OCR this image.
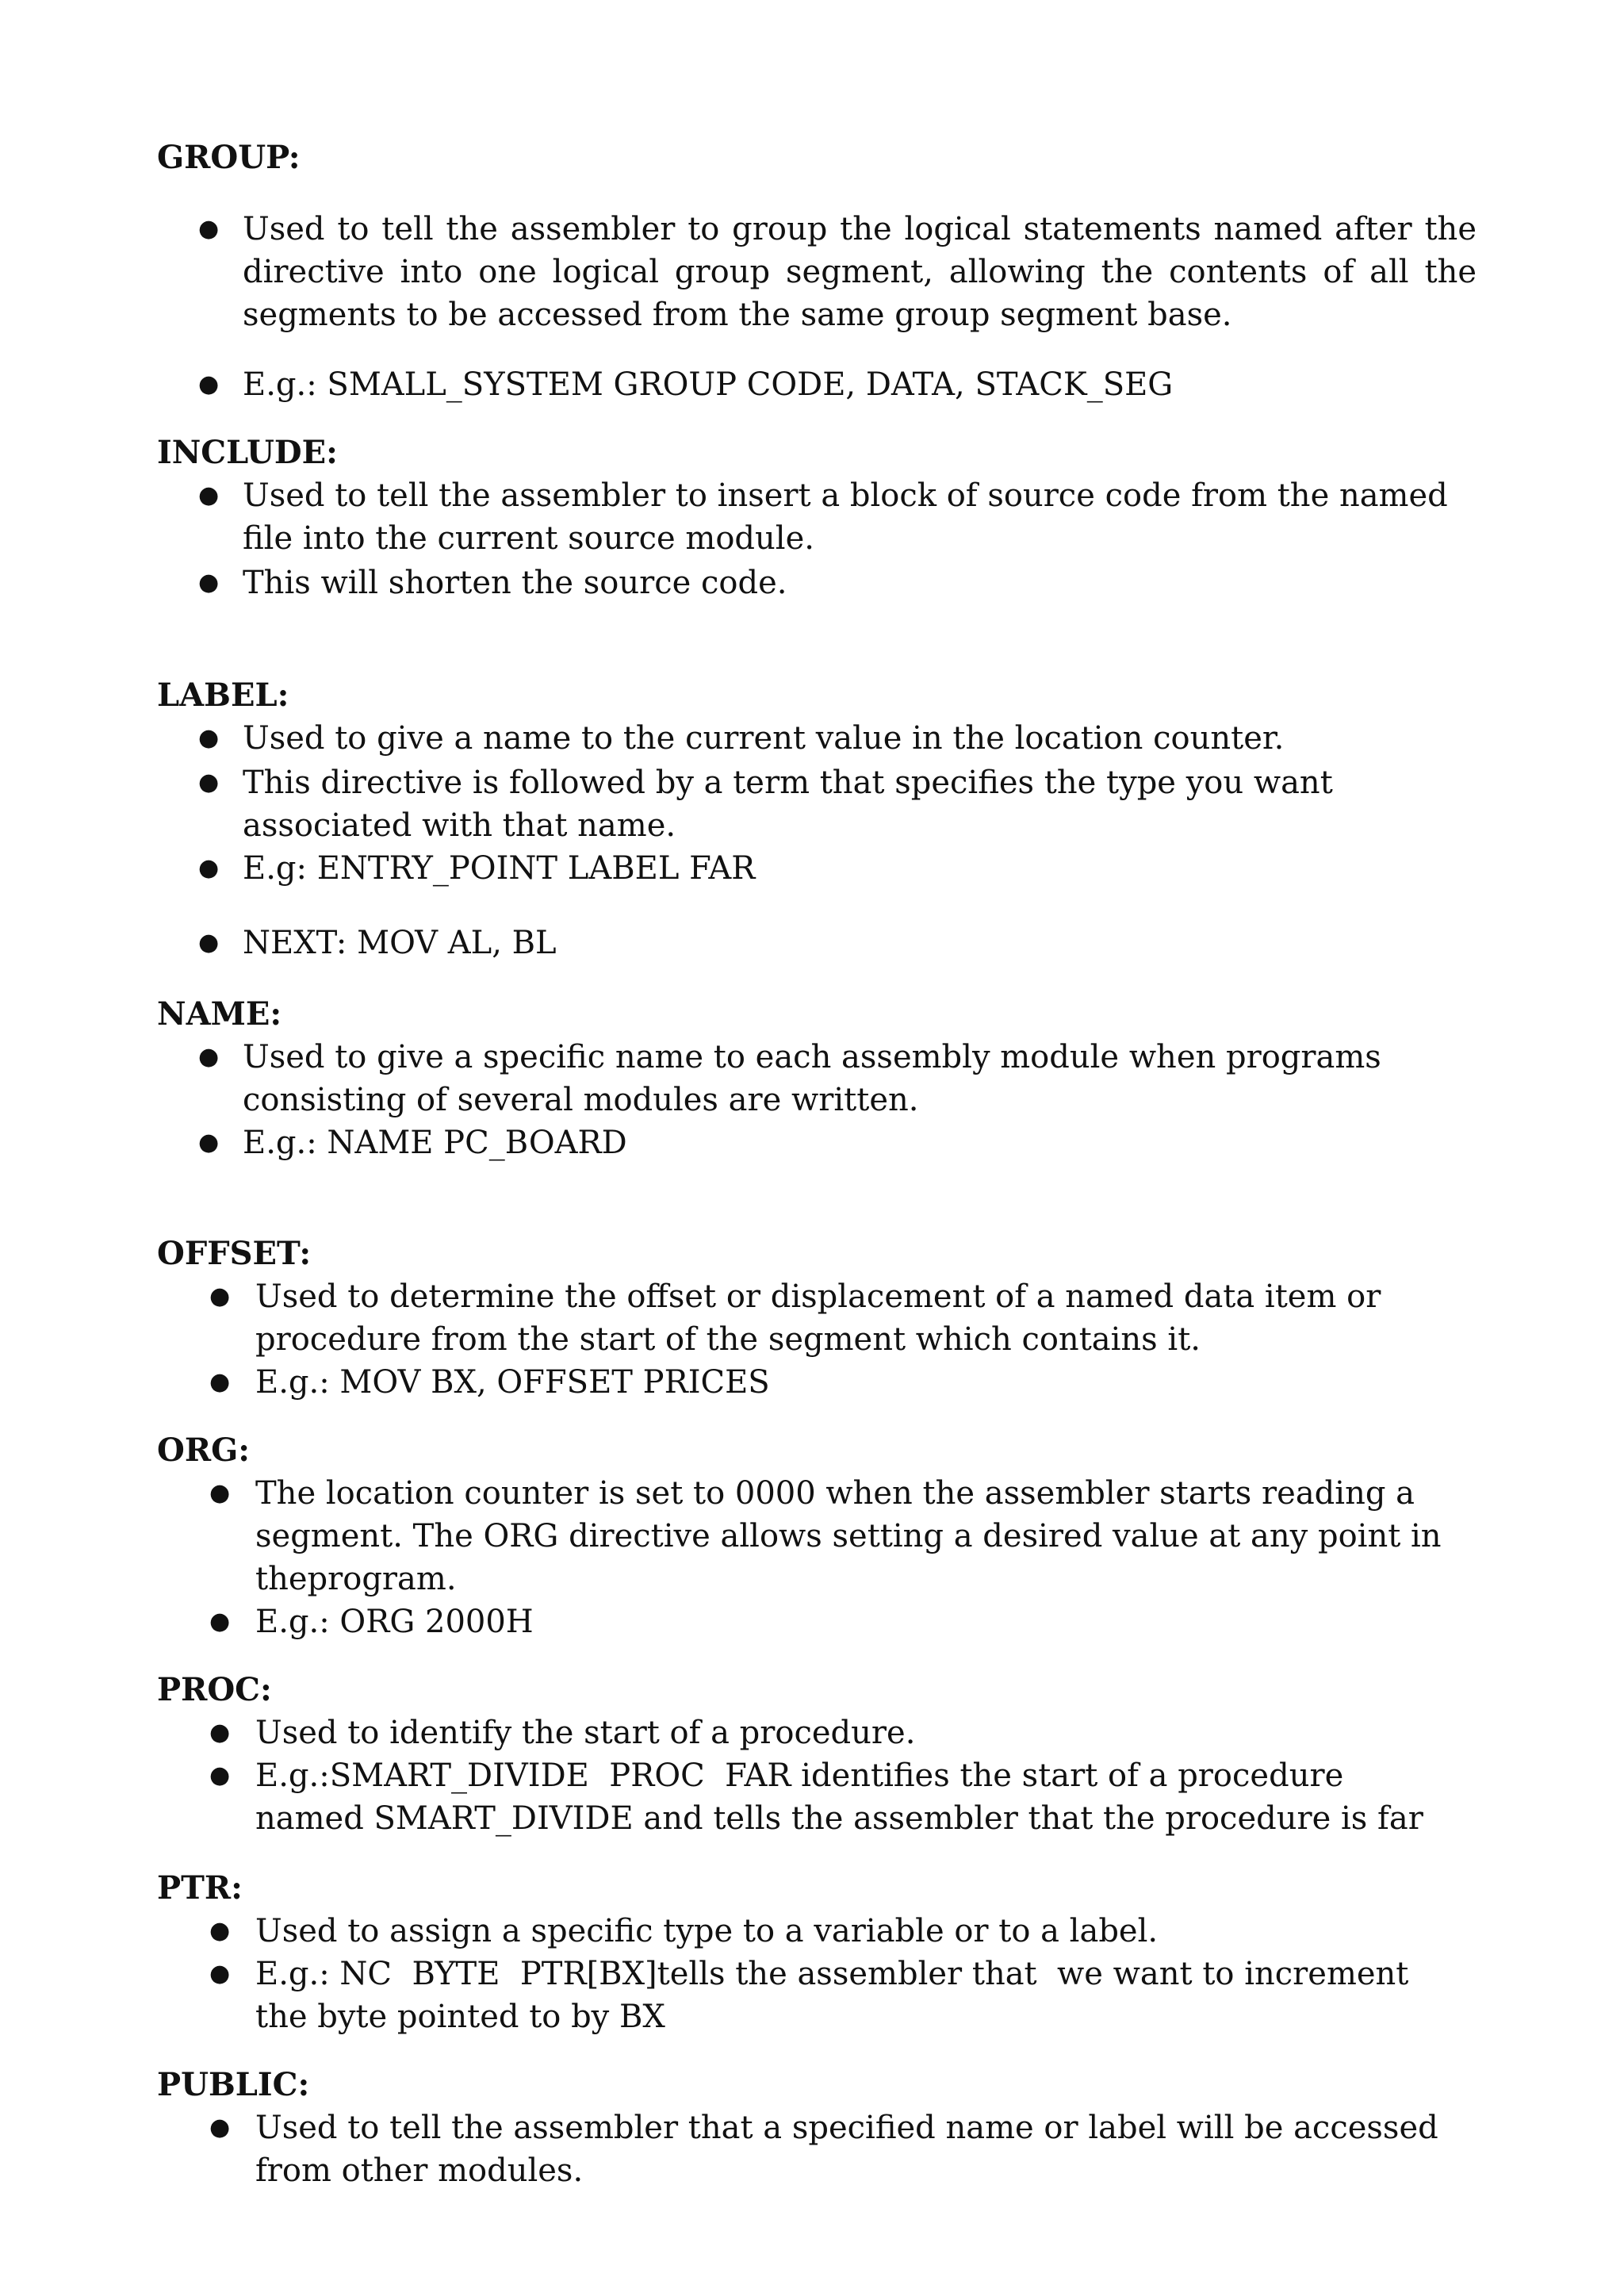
GROUP:
● Used to tell the assembler to group the logical statements named after the directive into one logical group segment, allowing the contents of all the segments to be accessed from the same group segment base.
● E.g.: SMALL_SYSTEM GROUP CODE, DATA, STACK_SEG
INCLUDE:
● Used to tell the assembler to insert a block of source code from the named file into the current source module.
● This will shorten the source code.
LABEL:
● Used to give a name to the current value in the location counter.
● This directive is followed by a term that specifies the type you want associated with that name.
● E.g: ENTRY_POINT LABEL FAR
● NEXT: MOV AL, BL
NAME:
● Used to give a specific name to each assembly module when programs consisting of several modules are written.
● E.g.: NAME PC_BOARD
OFFSET:
● Used to determine the offset or displacement of a named data item or procedure from the start of the segment which contains it.
● E.g.: MOV BX, OFFSET PRICES
ORG:
● The location counter is set to 0000 when the assembler starts reading a segment. The ORG directive allows setting a desired value at any point in theprogram.
● E.g.: ORG 2000H
PROC:
● Used to identify the start of a procedure.
● E.g.:SMART_DIVIDE  PROC  FAR identifies the start of a procedure named SMART_DIVIDE and tells the assembler that the procedure is far
PTR:
● Used to assign a specific type to a variable or to a label.
● E.g.: NC  BYTE  PTR[BX]tells the assembler that  we want to increment the byte pointed to by BX
PUBLIC:
● Used to tell the assembler that a specified name or label will be accessed from other modules.
